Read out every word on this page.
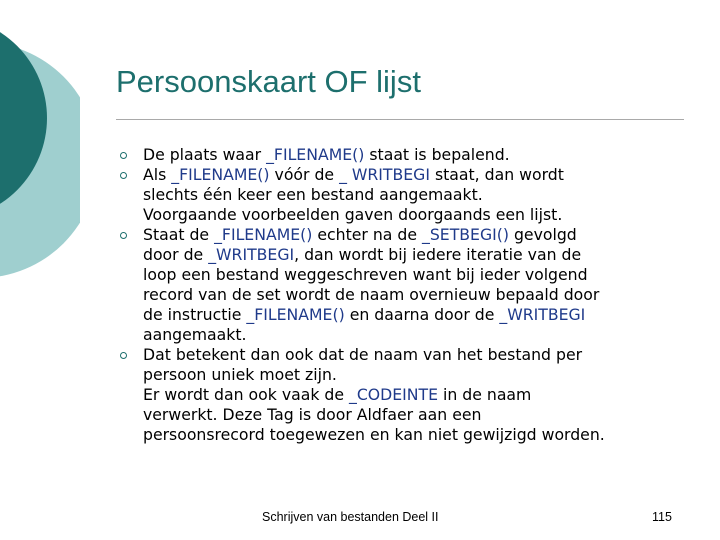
Persoonskaart OF lijst
De plaats waar _FILENAME() staat is bepalend.
Als _FILENAME() vóór de _ WRITBEGI staat, dan wordt
slechts één keer een bestand aangemaakt.
Voorgaande voorbeelden gaven doorgaands een lijst.
Staat de _FILENAME() echter na de _SETBEGI() gevolgd
door de _WRITBEGI, dan wordt bij iedere iteratie van de
loop een bestand weggeschreven want bij ieder volgend
record van de set wordt de naam overnieuw bepaald door
de instructie _FILENAME() en daarna door de _WRITBEGI
aangemaakt.
Dat betekent dan ook dat de naam van het bestand per
persoon uniek moet zijn.
Er wordt dan ook vaak de _CODEINTE in de naam
verwerkt. Deze Tag is door Aldfaer aan een
persoonsrecord toegewezen en kan niet gewijzigd worden.
Schrijven van bestanden Deel II	115
